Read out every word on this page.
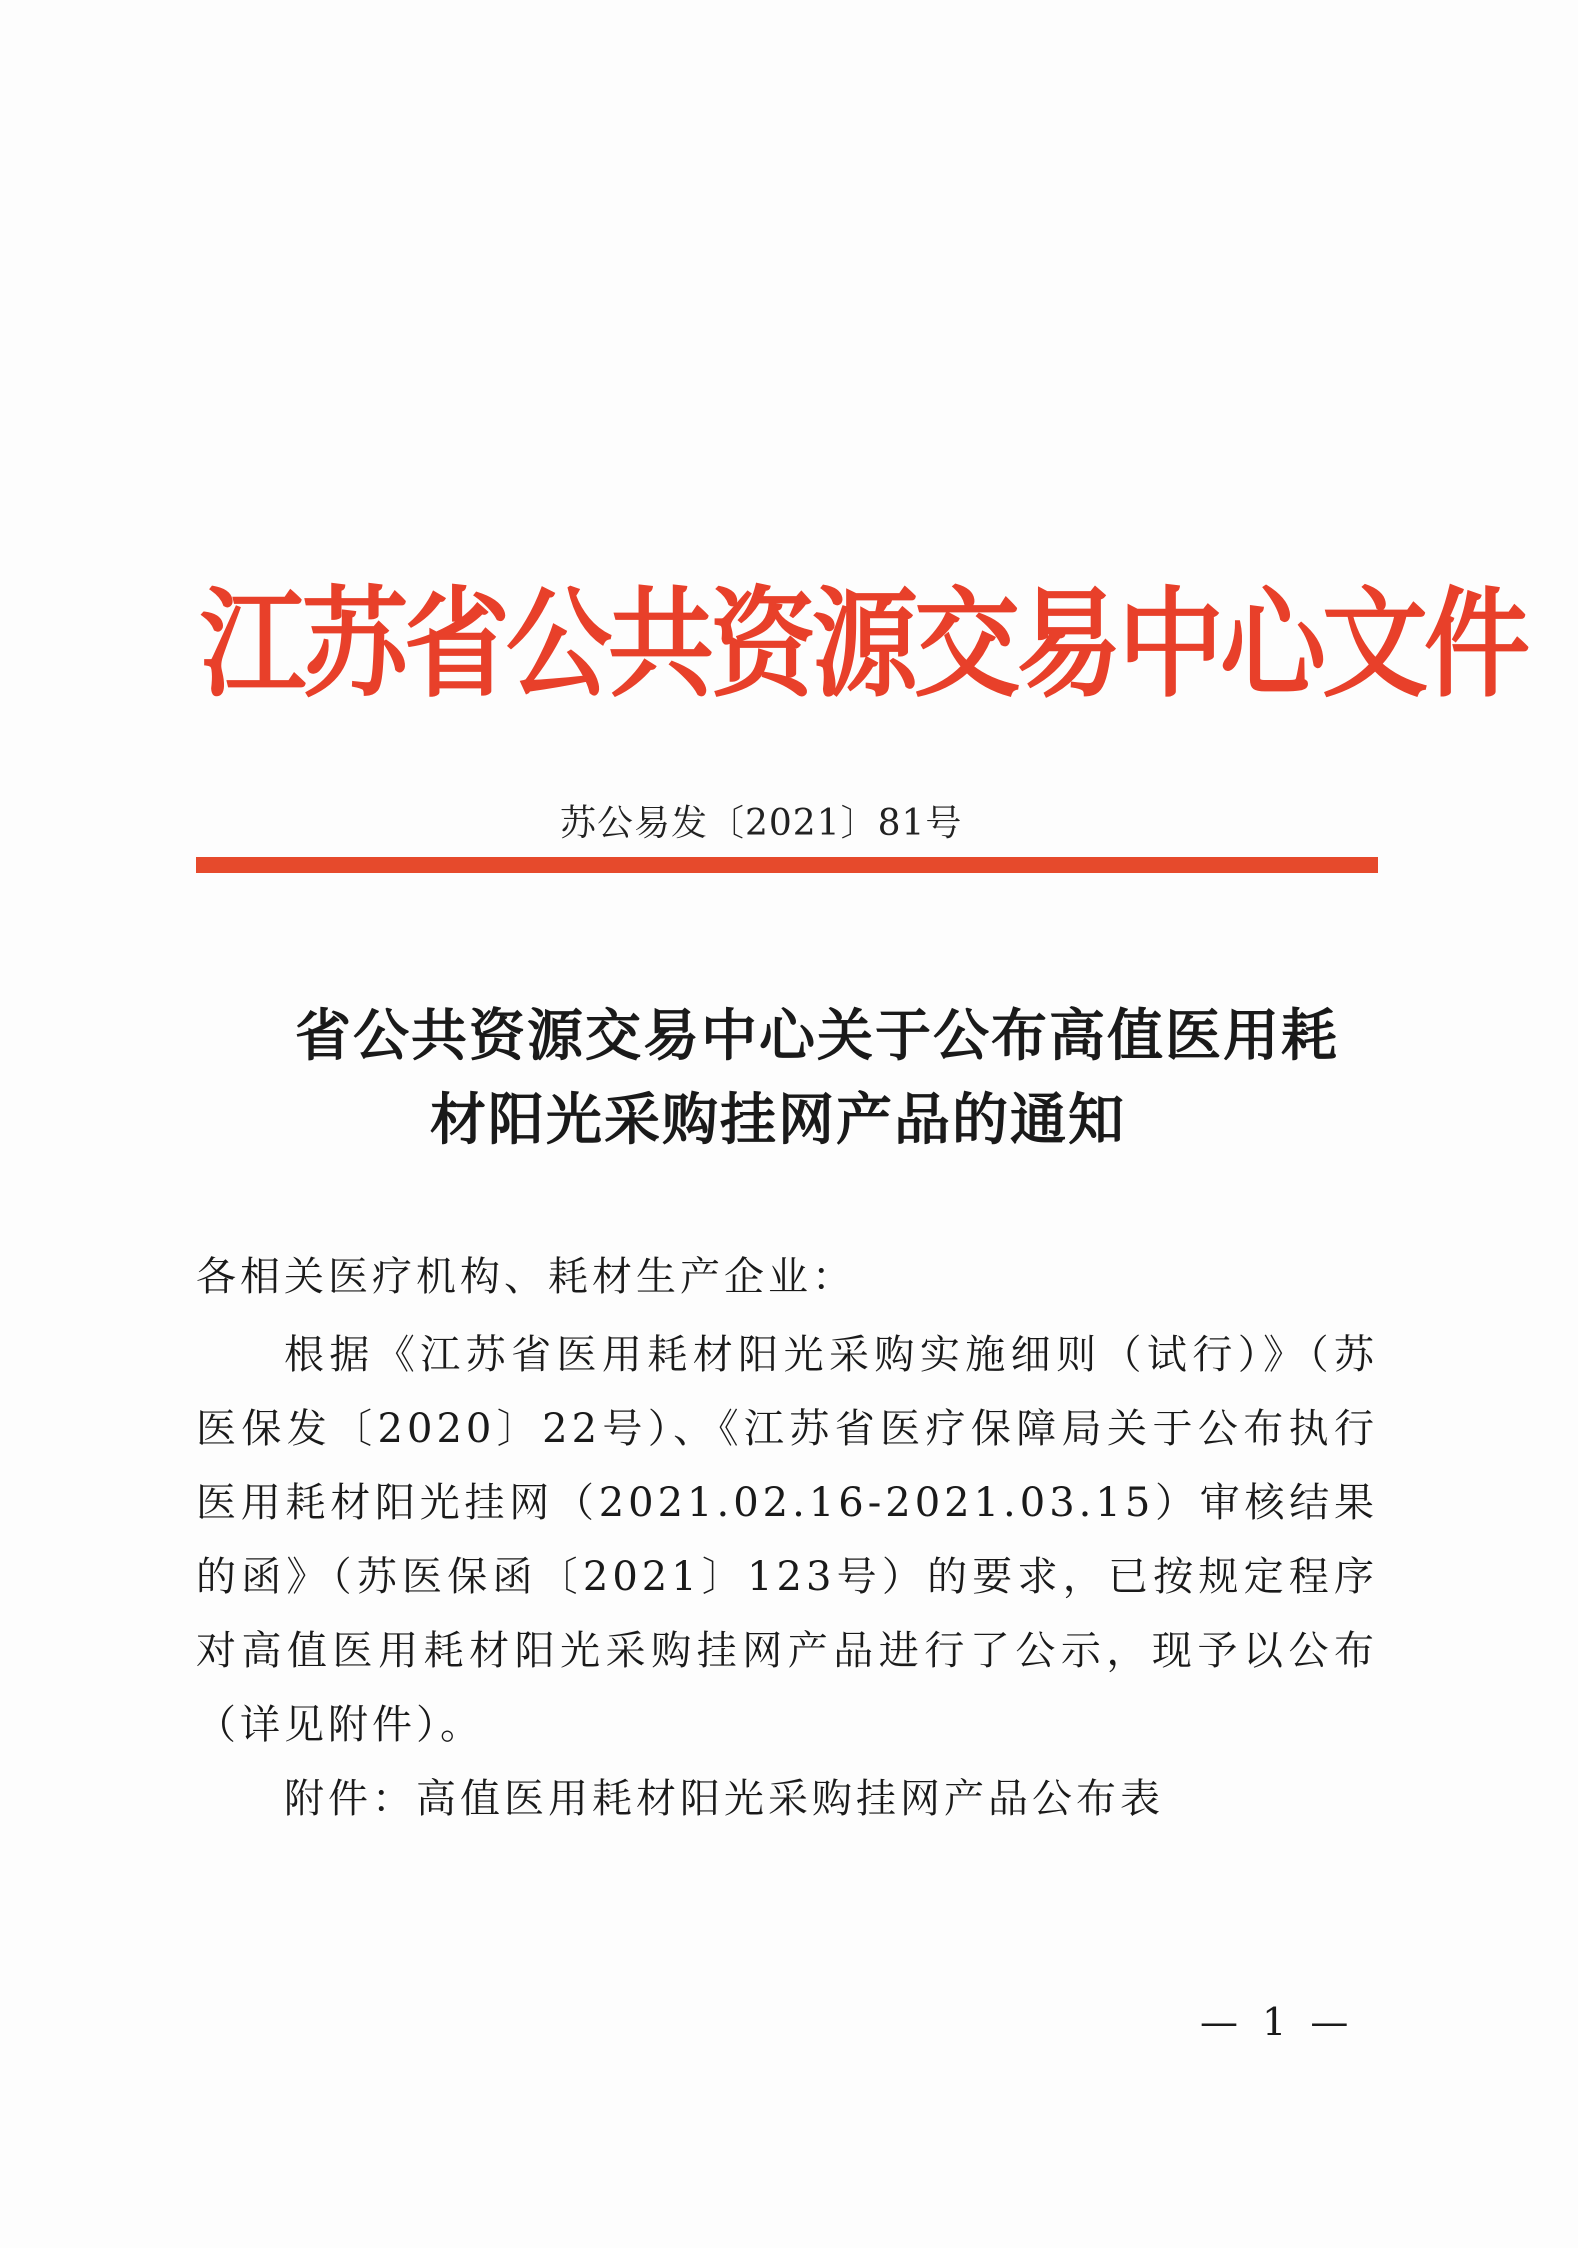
江苏省公共资源交易中心文件
苏公易发〔2021〕81号
省公共资源交易中心关于公布高值医用耗
材阳光采购挂网产品的通知
各相关医疗机构、耗材生产企业：
根据《江苏省医用耗材阳光采购实施细则（试行）》（苏医保发〔2020〕22号）、《江苏省医疗保障局关于公布执行医用耗材阳光挂网（2021.02.16-2021.03.15）审核结果的函》（苏医保函〔2021〕123号）的要求，已按规定程序对高值医用耗材阳光采购挂网产品进行了公示，现予以公布（详见附件）。
附件：高值医用耗材阳光采购挂网产品公布表
— 1 —
